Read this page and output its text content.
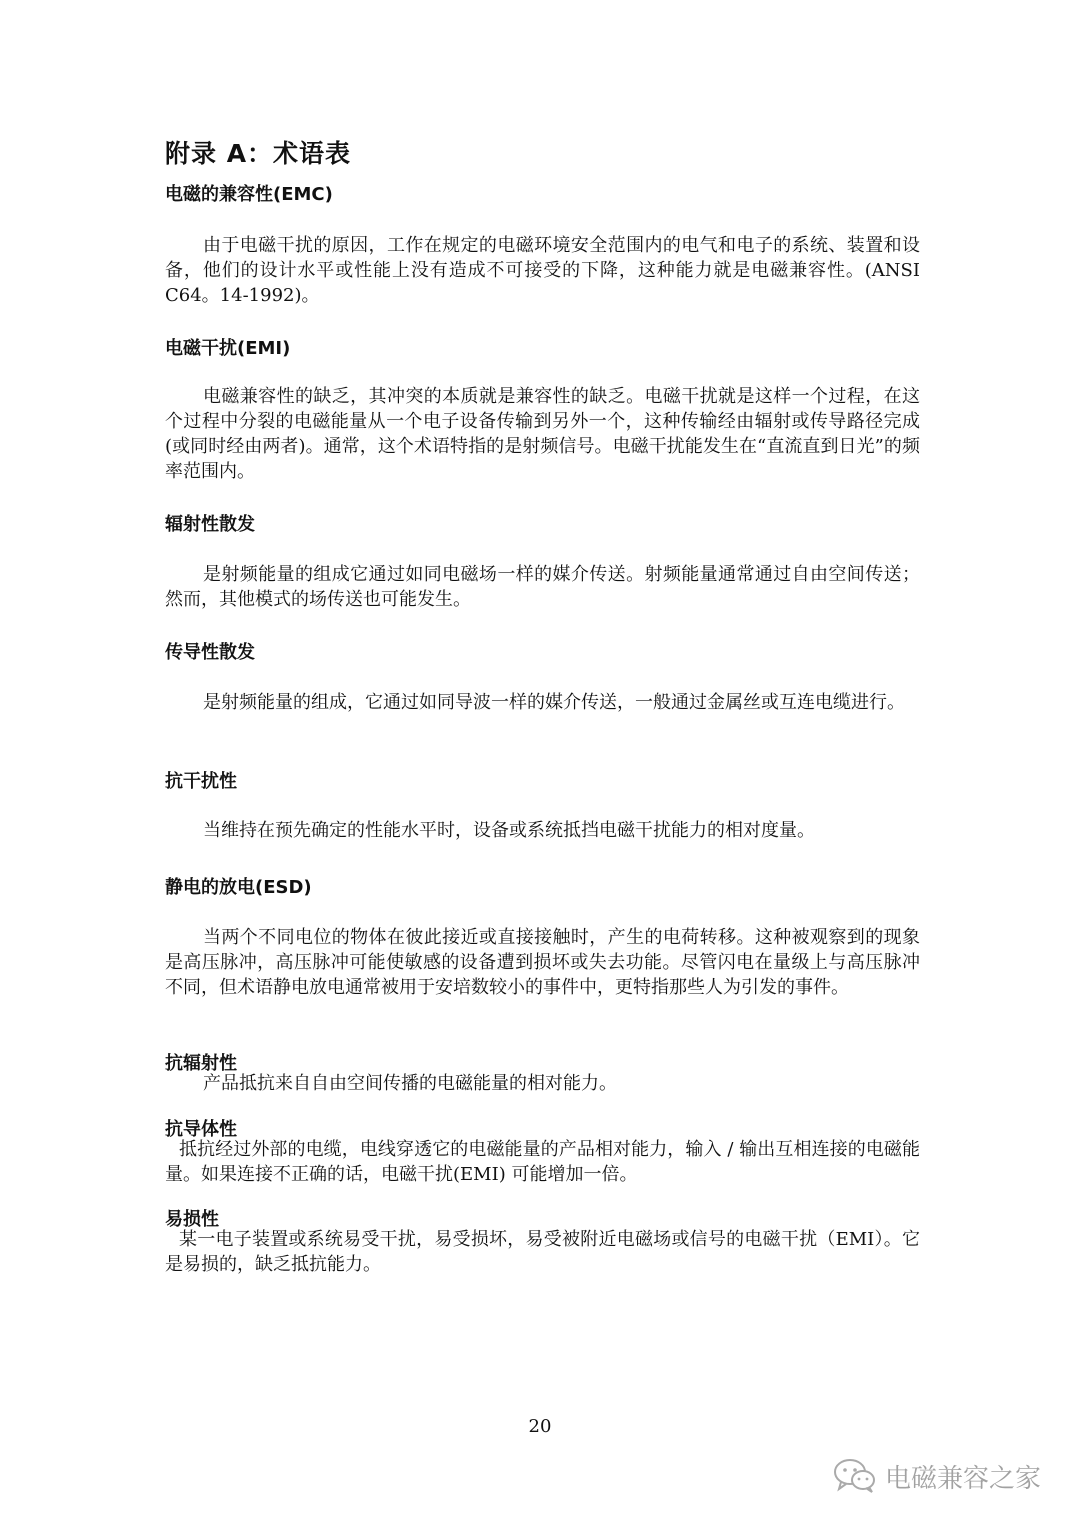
附录 A：术语表
电磁的兼容性(EMC)

由于电磁干扰的原因，工作在规定的电磁环境安全范围内的电气和电子的系统、装置和设备，他们的设计水平或性能上没有造成不可接受的下降，这种能力就是电磁兼容性。(ANSI C64。14-1992)。

电磁干扰(EMI)

电磁兼容性的缺乏，其冲突的本质就是兼容性的缺乏。电磁干扰就是这样一个过程，在这个过程中分裂的电磁能量从一个电子设备传输到另外一个，这种传输经由辐射或传导路径完成(或同时经由两者)。通常，这个术语特指的是射频信号。电磁干扰能发生在“直流直到日光”的频率范围内。

辐射性散发

是射频能量的组成它通过如同电磁场一样的媒介传送。射频能量通常通过自由空间传送；然而，其他模式的场传送也可能发生。

传导性散发

是射频能量的组成，它通过如同导波一样的媒介传送，一般通过金属丝或互连电缆进行。

抗干扰性

当维持在预先确定的性能水平时，设备或系统抵挡电磁干扰能力的相对度量。

静电的放电(ESD)

当两个不同电位的物体在彼此接近或直接接触时，产生的电荷转移。这种被观察到的现象是高压脉冲，高压脉冲可能使敏感的设备遭到损坏或失去功能。尽管闪电在量级上与高压脉冲不同，但术语静电放电通常被用于安培数较小的事件中，更特指那些人为引发的事件。

抗辐射性

产品抵抗来自自由空间传播的电磁能量的相对能力。

抗导体性

抵抗经过外部的电缆，电线穿透它的电磁能量的产品相对能力，输入 / 输出互相连接的电磁能量。如果连接不正确的话，电磁干扰(EMI) 可能增加一倍。

易损性

某一电子装置或系统易受干扰，易受损坏，易受被附近电磁场或信号的电磁干扰（EMI）。它是易损的，缺乏抵抗能力。

20

电磁兼容之家
